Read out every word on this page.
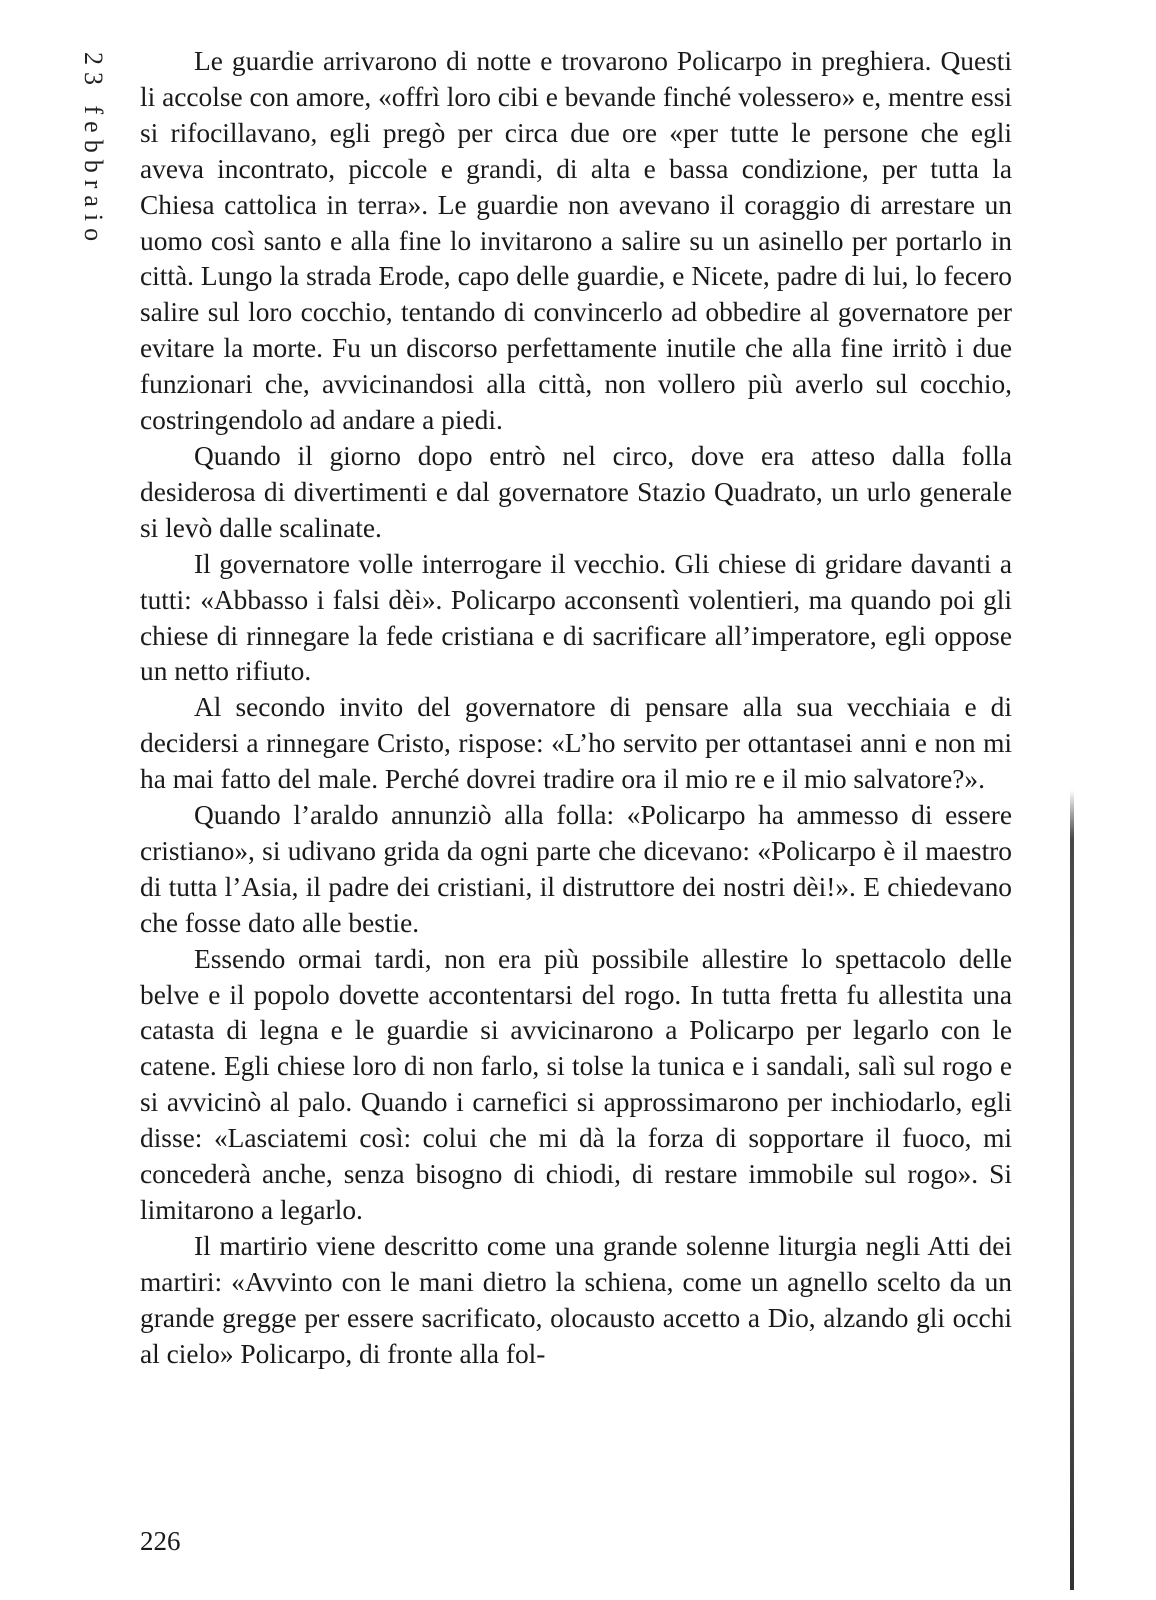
23 febbraio	Le guardie arrivarono di notte e trovarono Policarpo in preghiera. Questi li accolse con amore, «offrì loro cibi e bevande finché volessero» e, mentre essi si rifocillavano, egli pregò per circa due ore «per tutte le persone che egli aveva incontrato, piccole e grandi, di alta e bassa condizione, per tutta la Chiesa cattolica in terra». Le guardie non avevano il coraggio di arrestare un uomo così santo e alla fine lo invitarono a salire su un asinello per portarlo in città. Lungo la strada Erode, capo delle guardie, e Nicete, padre di lui, lo fecero salire sul loro cocchio, tentando di convincerlo ad obbedire al governatore per evitare la morte. Fu un discorso perfettamente inutile che alla fine irritò i due funzionari che, avvicinandosi alla città, non vollero più averlo sul cocchio, costringendolo ad andare a piedi.

Quando il giorno dopo entrò nel circo, dove era atteso dalla folla desiderosa di divertimenti e dal governatore Stazio Quadrato, un urlo generale si levò dalle scalinate.

Il governatore volle interrogare il vecchio. Gli chiese di gridare davanti a tutti: «Abbasso i falsi dèi». Policarpo acconsentì volentieri, ma quando poi gli chiese di rinnegare la fede cristiana e di sacrificare all’imperatore, egli oppose un netto rifiuto.

Al secondo invito del governatore di pensare alla sua vecchiaia e di decidersi a rinnegare Cristo, rispose: «L’ho servito per ottantasei anni e non mi ha mai fatto del male. Perché dovrei tradire ora il mio re e il mio salvatore?».

Quando l’araldo annunziò alla folla: «Policarpo ha ammesso di essere cristiano», si udivano grida da ogni parte che dicevano: «Policarpo è il maestro di tutta l’Asia, il padre dei cristiani, il distruttore dei nostri dèi!». E chiedevano che fosse dato alle bestie.

Essendo ormai tardi, non era più possibile allestire lo spettacolo delle belve e il popolo dovette accontentarsi del rogo. In tutta fretta fu allestita una catasta di legna e le guardie si avvicinarono a Policarpo per legarlo con le catene. Egli chiese loro di non farlo, si tolse la tunica e i sandali, salì sul rogo e si avvicinò al palo. Quando i carnefici si approssimarono per inchiodarlo, egli disse: «Lasciatemi così: colui che mi dà la forza di sopportare il fuoco, mi concederà anche, senza bisogno di chiodi, di restare immobile sul rogo». Si limitarono a legarlo.

Il martirio viene descritto come una grande solenne liturgia negli Atti dei martiri: «Avvinto con le mani dietro la schiena, come un agnello scelto da un grande gregge per essere sacrificato, olocausto accetto a Dio, alzando gli occhi al cielo» Policarpo, di fronte alla fol-

226
